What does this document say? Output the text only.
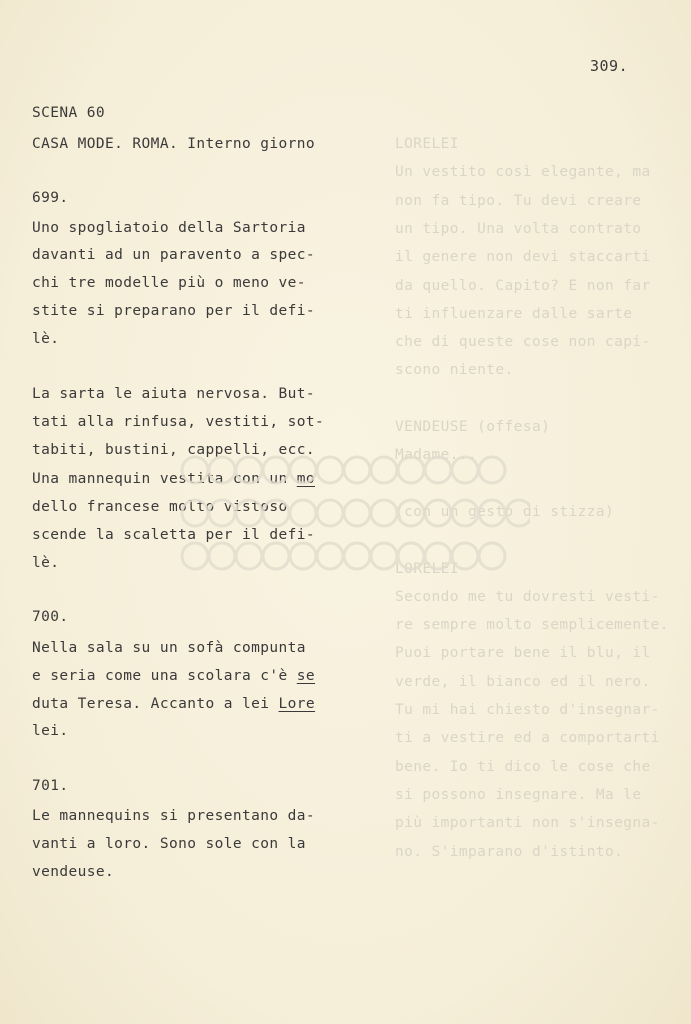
309.
SCENA 60
CASA MODE. ROMA. Interno giorno
699.
Uno spogliatoio della Sartoria
davanti ad un paravento a spec-
chi tre modelle più o meno ve-
stite si preparano per il defi-
lè.
La sarta le aiuta nervosa. But-
tati alla rinfusa, vestiti, sot-
tabiti, bustini, cappelli, ecc.
Una mannequin vestita con un mo
dello francese molto vistoso
scende la scaletta per il defi-
lè.
700.
Nella sala su un sofà compunta
e seria come una scolara c'è se
duta Teresa. Accanto a lei Lore
lei.
701.
Le mannequins si presentano da-
vanti a loro. Sono sole con la
vendeuse.
LORELEI
Un vestito così elegante, ma
non fa tipo. Tu devi creare
un tipo. Una volta contrato
il genere non devi staccarti
da quello. Capito? E non far
ti influenzare dalle sarte
che di queste cose non capi-
scono niente.
VENDEUSE (offesa)
Madame...
(con un gesto di stizza)
LORELEI
Secondo me tu dovresti vesti-
re sempre molto semplicemente.
Puoi portare bene il blu, il
verde, il bianco ed il nero.
Tu mi hai chiesto d'insegnar-
ti a vestire ed a comportarti
bene. Io ti dico le cose che
si possono insegnare. Ma le
più importanti non s'insegna-
no. S'imparano d'istinto.
